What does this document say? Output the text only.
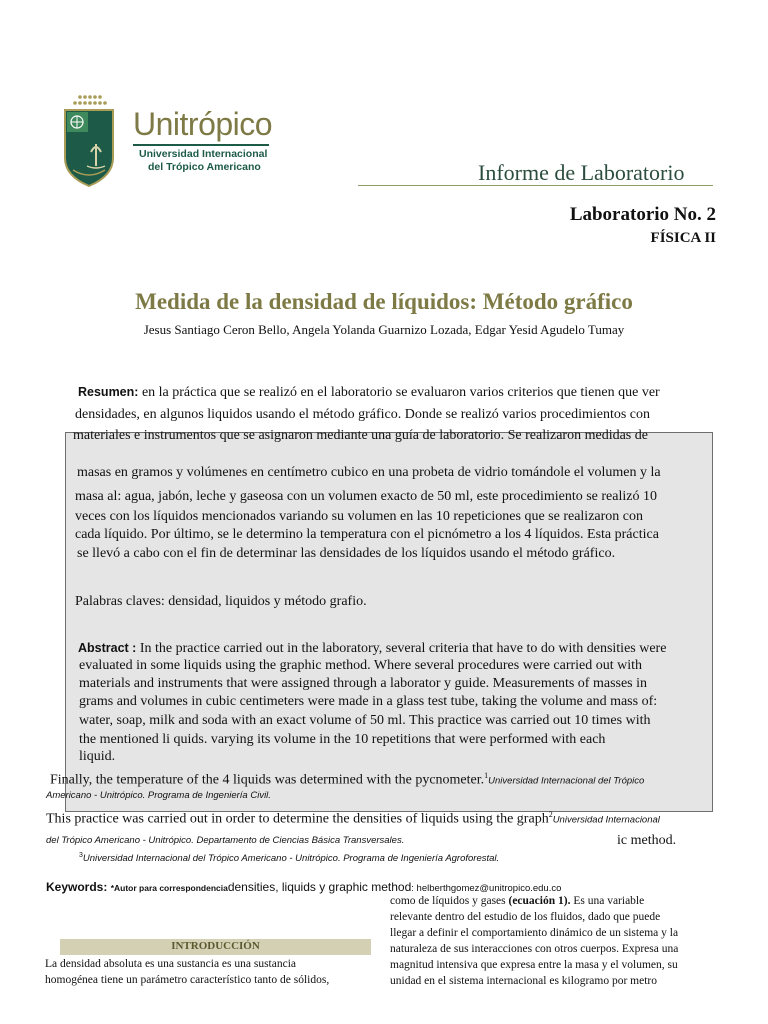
Unitrópico
Universidad Internacional
del Trópico Americano	Informe de Laboratorio
Laboratorio No. 2
FÍSICA II
Medida de la densidad de líquidos: Método gráfico
Jesus Santiago Ceron Bello, Angela Yolanda Guarnizo Lozada, Edgar Yesid Agudelo Tumay
Resumen: en la práctica que se realizó en el laboratorio se evaluaron varios criterios que tienen que ver
densidades, en algunos liquidos usando el método gráfico. Donde se realizó varios procedimientos con
materiales e instrumentos que se asignaron mediante una guía de laboratorio. Se realizaron medidas de
masas en gramos y volúmenes en centímetro cubico en una probeta de vidrio tomándole el volumen y la
masa al: agua, jabón, leche y gaseosa con un volumen exacto de 50 ml, este procedimiento se realizó 10
veces con los líquidos mencionados variando su volumen en las 10 repeticiones que se realizaron con
cada líquido. Por último, se le determino la temperatura con el picnómetro a los 4 líquidos. Esta práctica
se llevó a cabo con el fin de determinar las densidades de los líquidos usando el método gráfico.
Palabras claves: densidad, liquidos y método grafio.
Abstract : In the practice carried out in the laboratory, several criteria that have to do with densities were
evaluated in some liquids using the graphic method. Where several procedures were carried out with
materials and instruments that were assigned through a laborator y guide. Measurements of masses in
grams and volumes in cubic centimeters were made in a glass test tube, taking the volume and mass of:
water, soap, milk and soda with an exact volume of 50 ml. This practice was carried out 10 times with
the mentioned li quids. varying its volume in the 10 repetitions that were performed with each
liquid.
Finally, the temperature of the 4 liquids was determined with the pycnometer.$^1$Universidad Internacional del Trópico
Americano - Unitrópico. Programa de Ingeniería Civil.
This practice was carried out in order to determine the densities of liquids using the graph$^2$Universidad Internacional
del Trópico Americano - Unitrópico. Departamento de Ciencias Básica Transversales.	ic method.
$^3$Universidad Internacional del Trópico Americano - Unitrópico. Programa de Ingeniería Agroforestal.
Keywords: *Autor para correspondenciadensities, liquids y graphic method: helberthgomez@unitropico.edu.co
INTRODUCCIÓN
La densidad absoluta es una sustancia es una sustancia
homogénea tiene un parámetro característico tanto de sólidos,
como de líquidos y gases (ecuación 1). Es una variable
relevante dentro del estudio de los fluidos, dado que puede
llegar a definir el comportamiento dinámico de un sistema y la
naturaleza de sus interacciones con otros cuerpos. Expresa una
magnitud intensiva que expresa entre la masa y el volumen, su
unidad en el sistema internacional es kilogramo por metro
